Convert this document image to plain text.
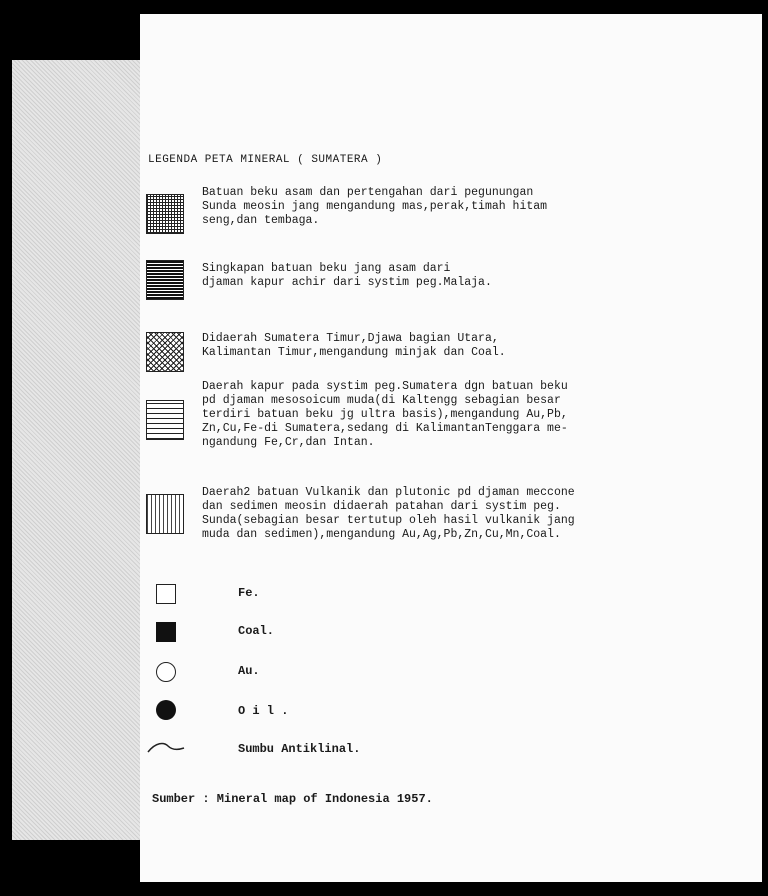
LEGENDA PETA MINERAL ( SUMATERA )
Batuan beku asam dan pertengahan dari pegunungan
Sunda meosin jang mengandung mas,perak,timah hitam
seng,dan tembaga.
Singkapan batuan beku jang asam dari
djaman kapur achir dari systim peg.Malaja.
Didaerah Sumatera Timur,Djawa bagian Utara,
Kalimantan Timur,mengandung minjak dan Coal.
Daerah kapur pada systim peg.Sumatera dgn batuan beku
pd djaman mesosoicum muda(di Kaltengg sebagian besar
terdiri batuan beku jg ultra basis),mengandung Au,Pb,
Zn,Cu,Fe-di Sumatera,sedang di KalimantanTenggara me-
ngandung Fe,Cr,dan Intan.
Daerah2 batuan Vulkanik dan plutonic pd djaman meccone
dan sedimen meosin didaerah patahan dari systim peg.
Sunda(sebagian besar tertutup oleh hasil vulkanik jang
muda dan sedimen),mengandung Au,Ag,Pb,Zn,Cu,Mn,Coal.
Fe.
Coal.
Au.
O i l .
Sumbu Antiklinal.
Sumber : Mineral map of Indonesia 1957.
